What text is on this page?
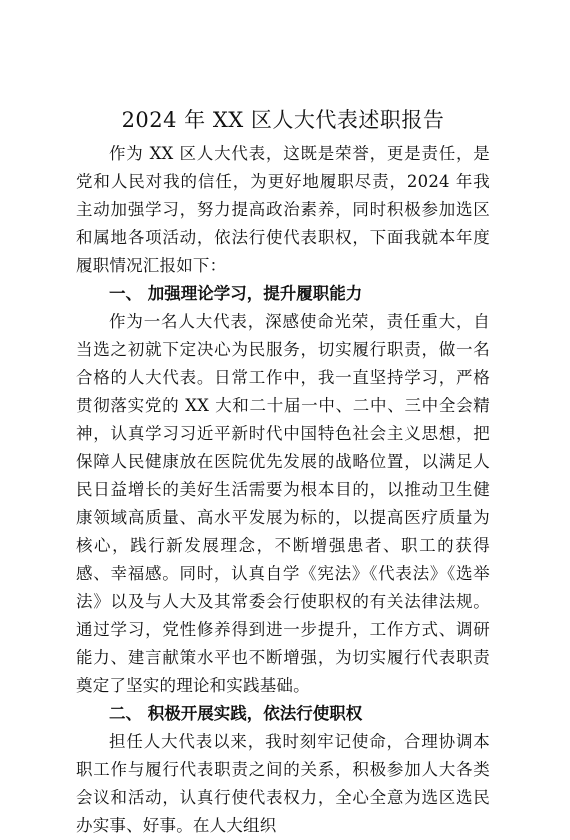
2024 年 XX 区人大代表述职报告

作为 XX 区人大代表，这既是荣誉，更是责任，是党和人民对我的信任，为更好地履职尽责，2024 年我主动加强学习，努力提高政治素养，同时积极参加选区和属地各项活动，依法行使代表职权，下面我就本年度履职情况汇报如下：

一、 加强理论学习，提升履职能力

作为一名人大代表，深感使命光荣，责任重大，自当选之初就下定决心为民服务，切实履行职责，做一名合格的人大代表。日常工作中，我一直坚持学习，严格贯彻落实党的 XX 大和二十届一中、二中、三中全会精神，认真学习习近平新时代中国特色社会主义思想，把保障人民健康放在医院优先发展的战略位置，以满足人民日益增长的美好生活需要为根本目的，以推动卫生健康领域高质量、高水平发展为标的，以提高医疗质量为核心，践行新发展理念，不断增强患者、职工的获得感、幸福感。同时，认真自学《宪法》《代表法》《选举法》以及与人大及其常委会行使职权的有关法律法规。通过学习，党性修养得到进一步提升，工作方式、调研能力、建言献策水平也不断增强，为切实履行代表职责奠定了坚实的理论和实践基础。

二、 积极开展实践，依法行使职权

担任人大代表以来，我时刻牢记使命，合理协调本职工作与履行代表职责之间的关系，积极参加人大各类会议和活动，认真行使代表权力，全心全意为选区选民办实事、好事。在人大组织
